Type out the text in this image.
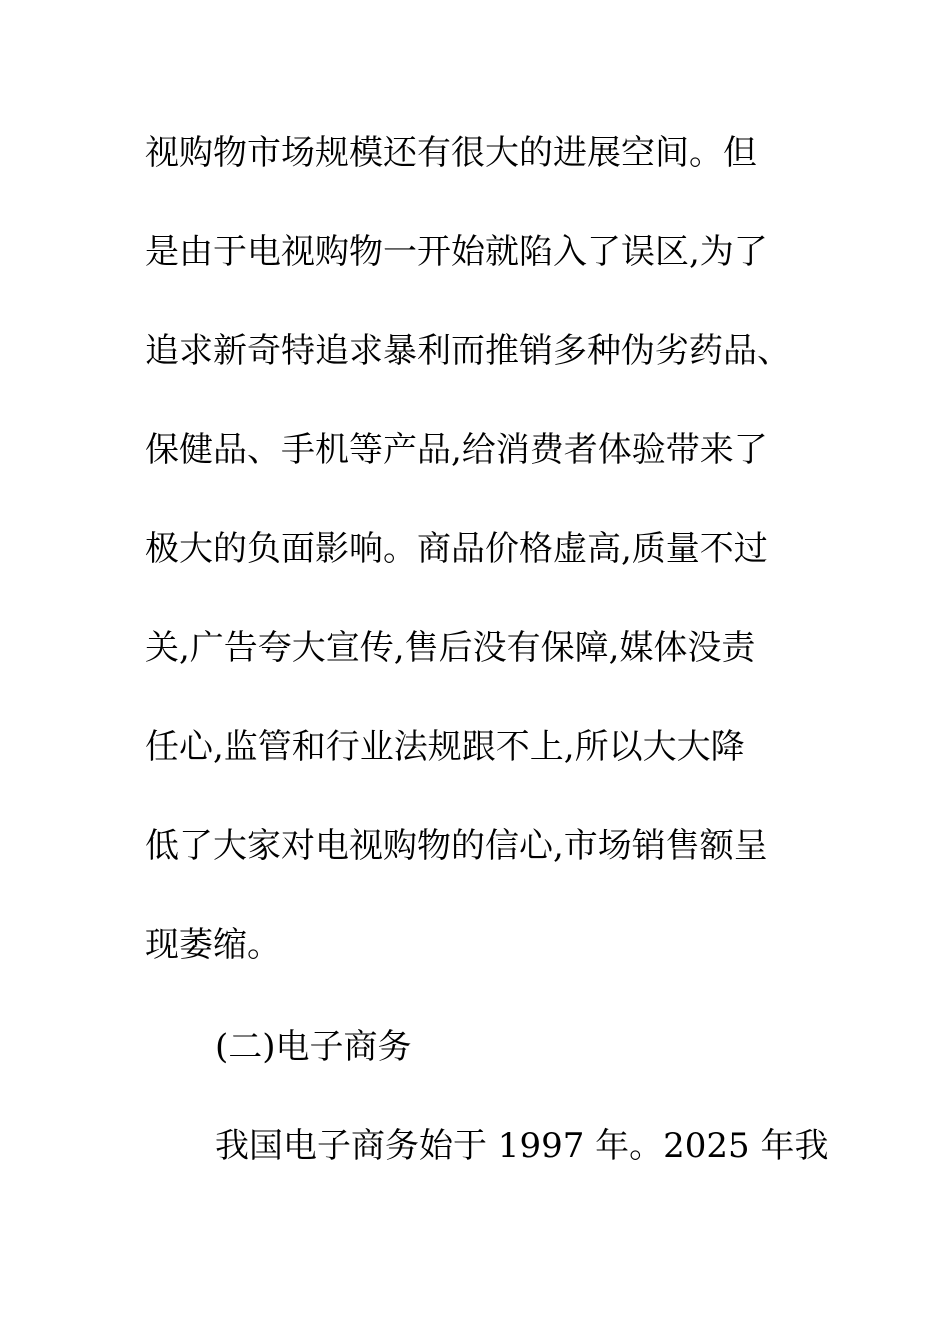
视购物市场规模还有很大的进展空间。但

是由于电视购物一开始就陷入了误区,为了

追求新奇特追求暴利而推销多种伪劣药品、

保健品、手机等产品,给消费者体验带来了

极大的负面影响。商品价格虚高,质量不过

关,广告夸大宣传,售后没有保障,媒体没责

任心,监管和行业法规跟不上,所以大大降

低了大家对电视购物的信心,市场销售额呈

现萎缩。

(二)电子商务

我国电子商务始于 1997 年。2025 年我
